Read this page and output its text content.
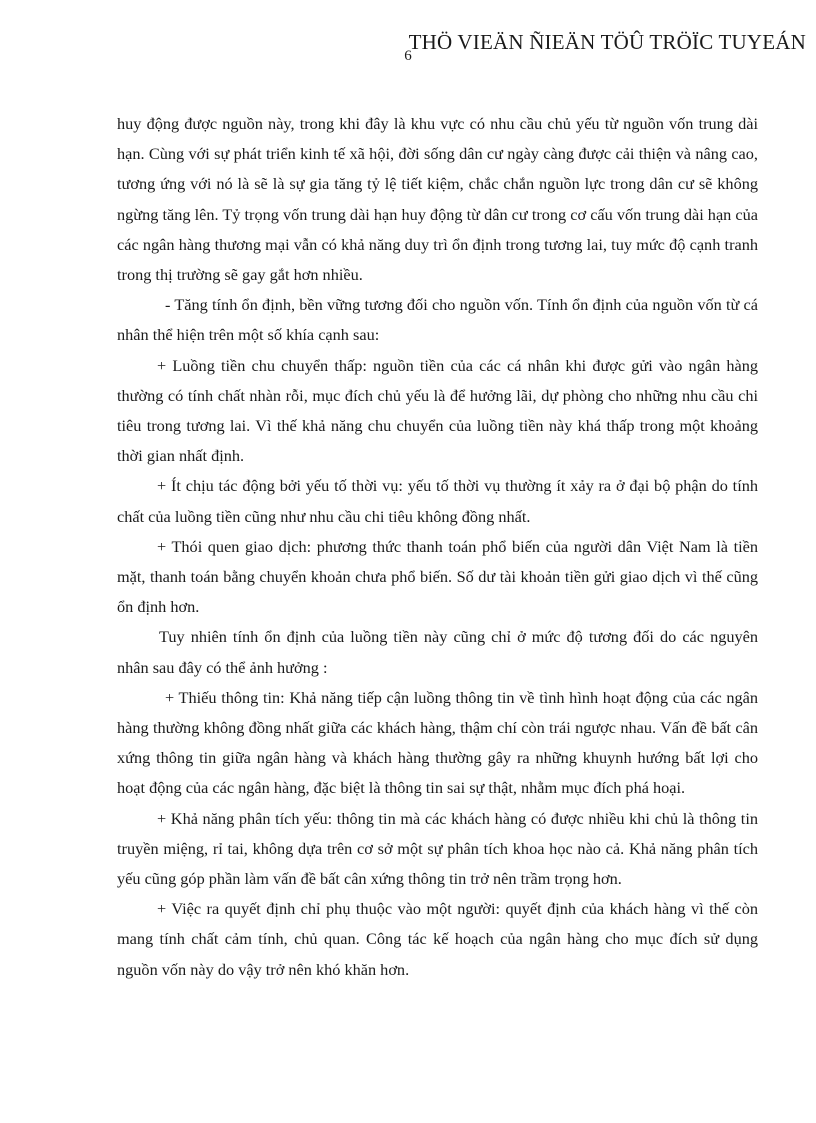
THÖ VIEÄN ÑIEÄN TÖÛ TRÖÏC TUYEÁN
6

huy động được nguồn này, trong khi đây là khu vực có nhu cầu chủ yếu từ nguồn vốn trung dài hạn. Cùng với sự phát triển kinh tế xã hội, đời sống dân cư ngày càng được cải thiện và nâng cao, tương ứng với nó là sẽ là sự gia tăng tỷ lệ tiết kiệm, chắc chắn nguồn lực trong dân cư sẽ không ngừng tăng lên. Tỷ trọng vốn trung dài hạn huy động từ dân cư trong cơ cấu vốn trung dài hạn của các ngân hàng thương mại vẫn có khả năng duy trì ổn định trong tương lai, tuy mức độ cạnh tranh trong thị trường sẽ gay gắt hơn nhiều.

- Tăng tính ổn định, bền vững tương đối cho nguồn vốn. Tính ổn định của nguồn vốn từ cá nhân thể hiện trên một số khía cạnh sau:

+ Luồng tiền chu chuyển thấp: nguồn tiền của các cá nhân khi được gửi vào ngân hàng thường có tính chất nhàn rỗi, mục đích chủ yếu là để hưởng lãi, dự phòng cho những nhu cầu chi tiêu trong tương lai. Vì thế khả năng chu chuyển của luồng tiền này khá thấp trong một khoảng thời gian nhất định.

+ Ít chịu tác động bởi yếu tố thời vụ: yếu tố thời vụ thường ít xảy ra ở đại bộ phận do tính chất của luồng tiền cũng như nhu cầu chi tiêu không đồng nhất.

+ Thói quen giao dịch: phương thức thanh toán phổ biến của người dân Việt Nam là tiền mặt, thanh toán bằng chuyển khoản chưa phổ biến. Số dư tài khoản tiền gửi giao dịch vì thế cũng ổn định hơn.

Tuy nhiên tính ổn định của luồng tiền này cũng chỉ ở mức độ tương đối do các nguyên nhân sau đây có thể ảnh hưởng :

+ Thiếu thông tin: Khả năng tiếp cận luồng thông tin về tình hình hoạt động của các ngân hàng thường không đồng nhất giữa các khách hàng, thậm chí còn trái ngược nhau. Vấn đề bất cân xứng thông tin giữa ngân hàng và khách hàng thường gây ra những khuynh hướng bất lợi cho hoạt động của các ngân hàng, đặc biệt là thông tin sai sự thật, nhằm mục đích phá hoại.

+ Khả năng phân tích yếu: thông tin mà các khách hàng có được nhiều khi chủ là thông tin truyền miệng, rỉ tai, không dựa trên cơ sở một sự phân tích khoa học nào cả. Khả năng phân tích yếu cũng góp phần làm vấn đề bất cân xứng thông tin trở nên trầm trọng hơn.

+ Việc ra quyết định chỉ phụ thuộc vào một người: quyết định của khách hàng vì thế còn mang tính chất cảm tính, chủ quan. Công tác kế hoạch của ngân hàng cho mục đích sử dụng nguồn vốn này do vậy trở nên khó khăn hơn.
